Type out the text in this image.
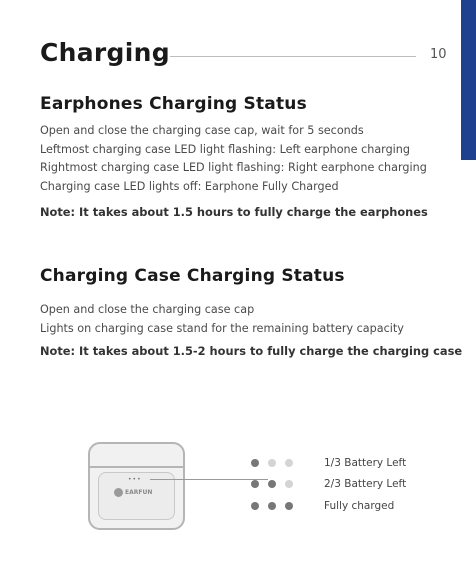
Charging	10
Earphones Charging Status
Open and close the charging case cap, wait for 5 seconds
Leftmost charging case LED light flashing: Left earphone charging
Rightmost charging case LED light flashing: Right earphone charging
Charging case LED lights off: Earphone Fully Charged
Note: It takes about 1.5 hours to fully charge the earphones
Charging Case Charging Status
Open and close the charging case cap
Lights on charging case stand for the remaining battery capacity
Note: It takes about 1.5-2 hours to fully charge the charging case
•••
EARFUN
1/3 Battery Left
2/3 Battery Left
Fully charged
